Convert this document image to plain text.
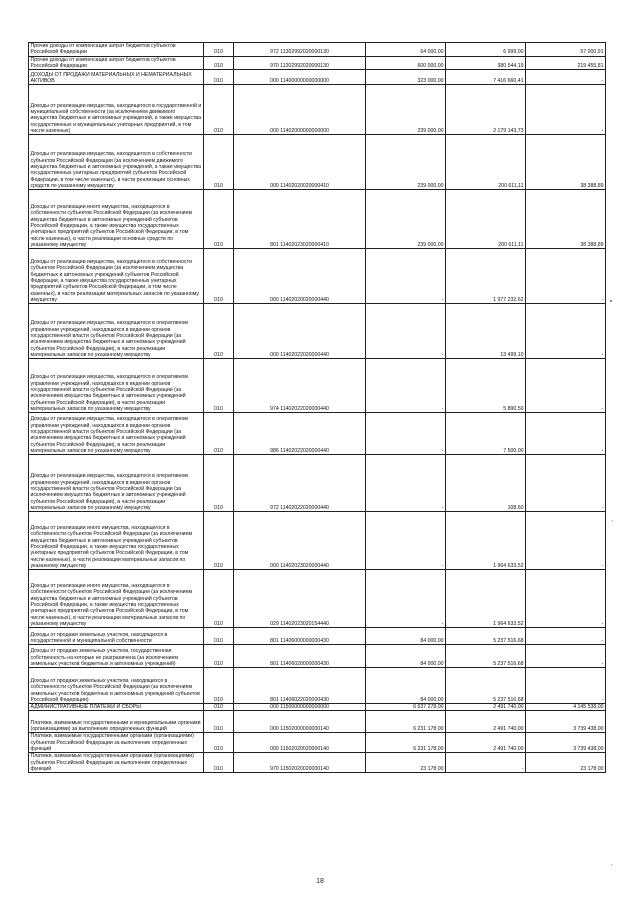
Прочие доходы от компенсации затрат бюджетов субъектов Российской Федерации	010	972 11302992020000130	64 000,00	6 999,00	57 000,91
Прочие доходы от компенсации затрат бюджетов субъектов Российской Федерации	010	970 11302992020000130	600 000,00	380 544,19	219 455,81
ДОХОДЫ ОТ ПРОДАЖИ МАТЕРИАЛЬНЫХ И НЕМАТЕРИАЛЬНЫХ АКТИВОВ	010	000 11400000000000000	323 000,00	7 416 660,41	-
Доходы от реализации имущества, находящегося в государственной и муниципальной собственности (за исключением движимого имущества бюджетных и автономных учреждений, а также имущества государственных и муниципальных унитарных предприятий, в том числе казенных)	010	000 11402000000000000	239 000,00	2 179 143,73	-
Доходы от реализации имущества, находящегося в собственности субъектов Российской Федерации (за исключением движимого имущества бюджетных и автономных учреждений, а также имущества государственных унитарных предприятий субъектов Российской Федерации, в том числе казенных), в части реализации основных средств по указанному имуществу	010	000 11402020020000410	239 000,00	200 611,11	38 388,89
Доходы от реализации иного имущества, находящегося в собственности субъектов Российской Федерации (за исключением имущества бюджетных и автономных учреждений субъектов Российской Федерации, а также имущества государственных унитарных предприятий субъектов Российской Федерации, в том числе казенных), в части реализации основных средств по указанному имуществу	010	801 11402023020000410	239 000,00	200 611,11	38 388,89
Доходы от реализации имущества, находящегося в собственности субъектов Российской Федерации (за исключением имущества бюджетных и автономных учреждений субъектов Российской Федерации, а также имущества государственных унитарных предприятий субъектов Российской Федерации, в том числе казенных), в части реализации материальных запасов по указанному имуществу	010	000 11402020020000440	-	1 977 232,62	-
Доходы от реализации имущества, находящегося в оперативном управлении учреждений, находящихся в ведении органов государственной власти субъектов Российской Федерации (за исключением имущества бюджетных и автономных учреждений субъектов Российской Федерации), в части реализации материальных запасов по указанному имуществу	010	000 11402022020000440	-	13 499,10	-
Доходы от реализации имущества, находящегося в оперативном управлении учреждений, находящихся в ведении органов государственной власти субъектов Российской Федерации (за исключением имущества бюджетных и автономных учреждений субъектов Российской Федерации), в части реализации материальных запасов по указанному имуществу	010	974 11402022020000440	-	5 890,50	-
Доходы от реализации имущества, находящегося в оперативном управлении учреждений, находящихся в ведении органов государственной власти субъектов Российской Федерации (за исключением имущества бюджетных и автономных учреждений субъектов Российской Федерации), в части реализации материальных запасов по указанному имуществу	010	986 11402022020000440	-	7 500,00	-
Доходы от реализации имущества, находящегося в оперативном управлении учреждений, находящихся в ведении органов государственной власти субъектов Российской Федерации (за исключением имущества бюджетных и автономных учреждений субъектов Российской Федерации), в части реализации материальных запасов по указанному имуществу	010	972 11402022020000440	-	108,60	-
Доходы от реализации иного имущества, находящегося в собственности субъектов Российской Федерации (за исключением имущества бюджетных и автономных учреждений субъектов Российской Федерации, а также имущества государственных унитарных предприятий субъектов Российской Федерации, в том числе казенных), в части реализации материальных запасов по указанному имуществу	010	000 11402023020000440	-	1 964 633,52	-
Доходы от реализации иного имущества, находящегося в собственности субъектов Российской Федерации (за исключением имущества бюджетных и автономных учреждений субъектов Российской Федерации, а также имущества государственных унитарных предприятий субъектов Российской Федерации, в том числе казенных), в части реализации материальных запасов по указанному имуществу	010	029 11402023020154440	-	1 964 633,52	-
Доходы от продажи земельных участков, находящихся в государственной и муниципальной собственности	010	801 11406000000000430	84 000,00	5 237 516,68	-
Доходы от продажи земельных участков, государственная собственность на которые не разграничена (за исключением земельных участков бюджетных и автономных учреждений)	010	801 11406020000000430	84 000,00	5 237 516,68	-
Доходы от продажи земельных участков, находящихся в собственности субъектов Российской Федерации (за исключением земельных участков бюджетных и автономных учреждений субъектов Российской Федерации)	010	801 11406022020000430	84 000,00	5 237 516,68	-
АДМИНИСТРАТИВНЫЕ ПЛАТЕЖИ И СБОРЫ	010	000 11500000000000000	6 637 278,00	2 491 740,00	4 145 538,00
Платежи, взимаемые государственными и муниципальными органами (организациями) за выполнение определенных функций	010	000 11502000000000140	6 231 178,00	2 491 740,00	3 739 438,00
Платежи, взимаемые государственными органами (организациями) субъектов Российской Федерации за выполнение определенных функций	010	000 11502020020000140	6 231 178,00	2 491 740,00	3 739 438,00
Платежи, взимаемые государственными органами (организациями) субъектов Российской Федерации за выполнение определенных функций	010	970 11502020020000140	23 178,00	-	23 178,00
18
